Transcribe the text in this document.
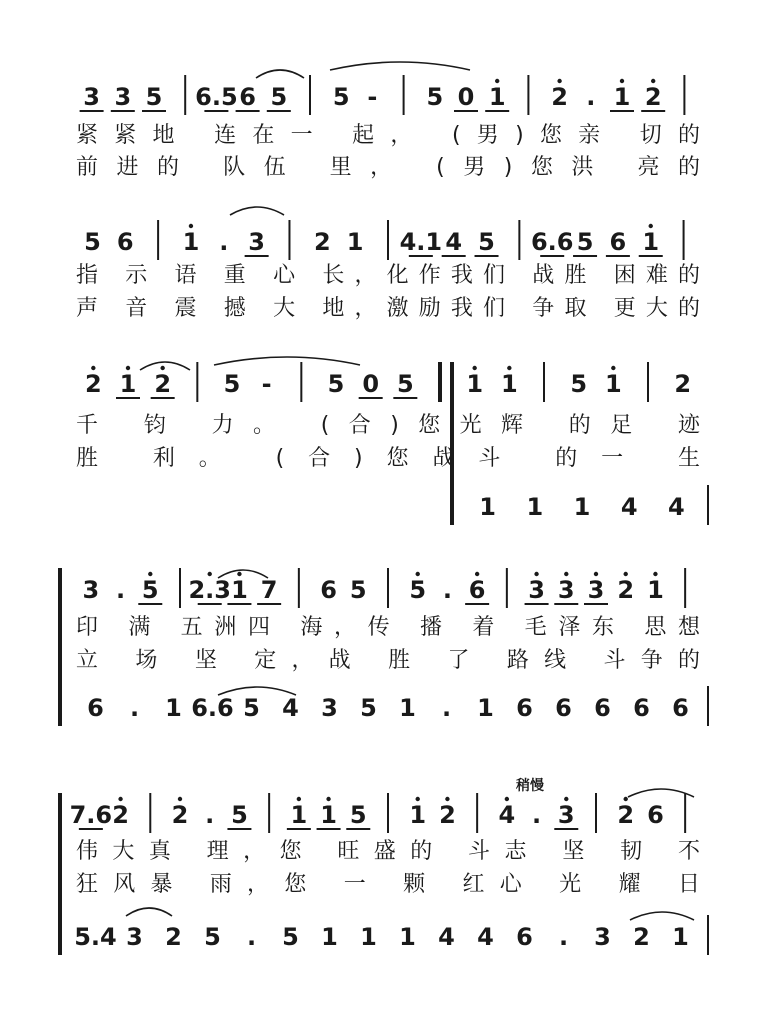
3 3 5 6.5 6 5 5 - 5 0 1 2 . 1 2
紧紧地 连在一 起， (男)您亲 切的
前进的 队伍 里， (男)您洪 亮的
5 6 1 . 3 2 1 4.1 4 5 6.6 5 6 1
指 示 语 重 心 长，化作我们 战胜 困难的
声 音 震 撼 大 地，激励我们 争取 更大的
2 1 2 5 - 5 0 5 1 1 5 1 2
千 钧 力。 (合)您光辉 的足 迹
胜 利。 (合)您战斗 的一 生
1 1 1 4 4
3 . 5 2.3 1 7 6 5 5 . 6 3 3 3 2 1
印 满 五洲四 海，传 播 着 毛泽东 思想
立 场 坚 定，战 胜 了 路线 斗争的
6 . 1 6.6 5 4 3 5 1 . 1 6 6 6 6 6
7.6 2 2 . 5 1 1 5 1 2 4 . 3 2 6
伟大真 理，您 旺盛的 斗志 坚 韧 不
狂风暴 雨，您 一 颗 红心 光 耀 日
5.4 3 2 5 . 5 1 1 1 4 4 6 . 3 2 1
稍慢
